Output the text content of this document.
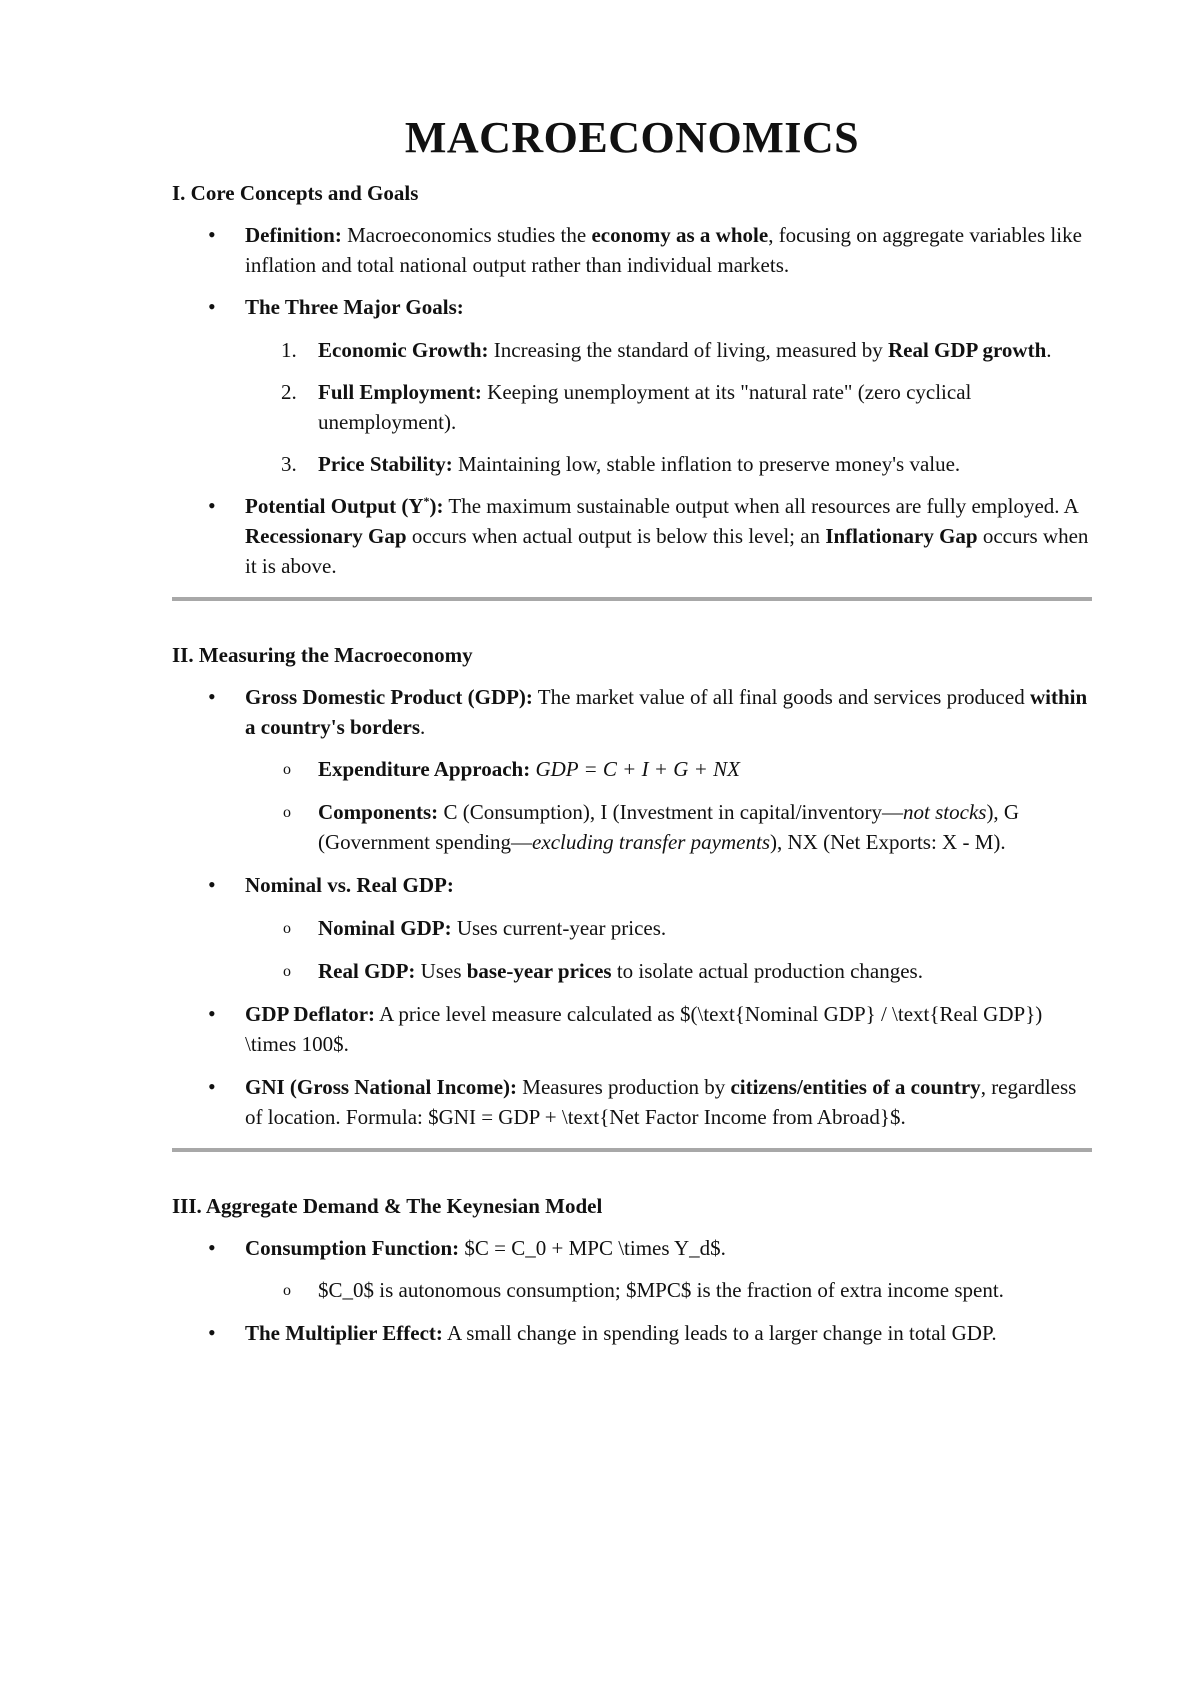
MACROECONOMICS
I. Core Concepts and Goals
• Definition: Macroeconomics studies the economy as a whole, focusing on aggregate variables like inflation and total national output rather than individual markets.
• The Three Major Goals:
1. Economic Growth: Increasing the standard of living, measured by Real GDP growth.
2. Full Employment: Keeping unemployment at its "natural rate" (zero cyclical unemployment).
3. Price Stability: Maintaining low, stable inflation to preserve money's value.
• Potential Output (Y*): The maximum sustainable output when all resources are fully employed. A Recessionary Gap occurs when actual output is below this level; an Inflationary Gap occurs when it is above.
II. Measuring the Macroeconomy
• Gross Domestic Product (GDP): The market value of all final goods and services produced within a country's borders.
o Expenditure Approach: GDP = C + I + G + NX
o Components: C (Consumption), I (Investment in capital/inventory—not stocks), G (Government spending—excluding transfer payments), NX (Net Exports: X - M).
• Nominal vs. Real GDP:
o Nominal GDP: Uses current-year prices.
o Real GDP: Uses base-year prices to isolate actual production changes.
• GDP Deflator: A price level measure calculated as $(\text{Nominal GDP} / \text{Real GDP}) \times 100$.
• GNI (Gross National Income): Measures production by citizens/entities of a country, regardless of location. Formula: $GNI = GDP + \text{Net Factor Income from Abroad}$.
III. Aggregate Demand & The Keynesian Model
• Consumption Function: $C = C_0 + MPC \times Y_d$.
o $C_0$ is autonomous consumption; $MPC$ is the fraction of extra income spent.
• The Multiplier Effect: A small change in spending leads to a larger change in total GDP.
